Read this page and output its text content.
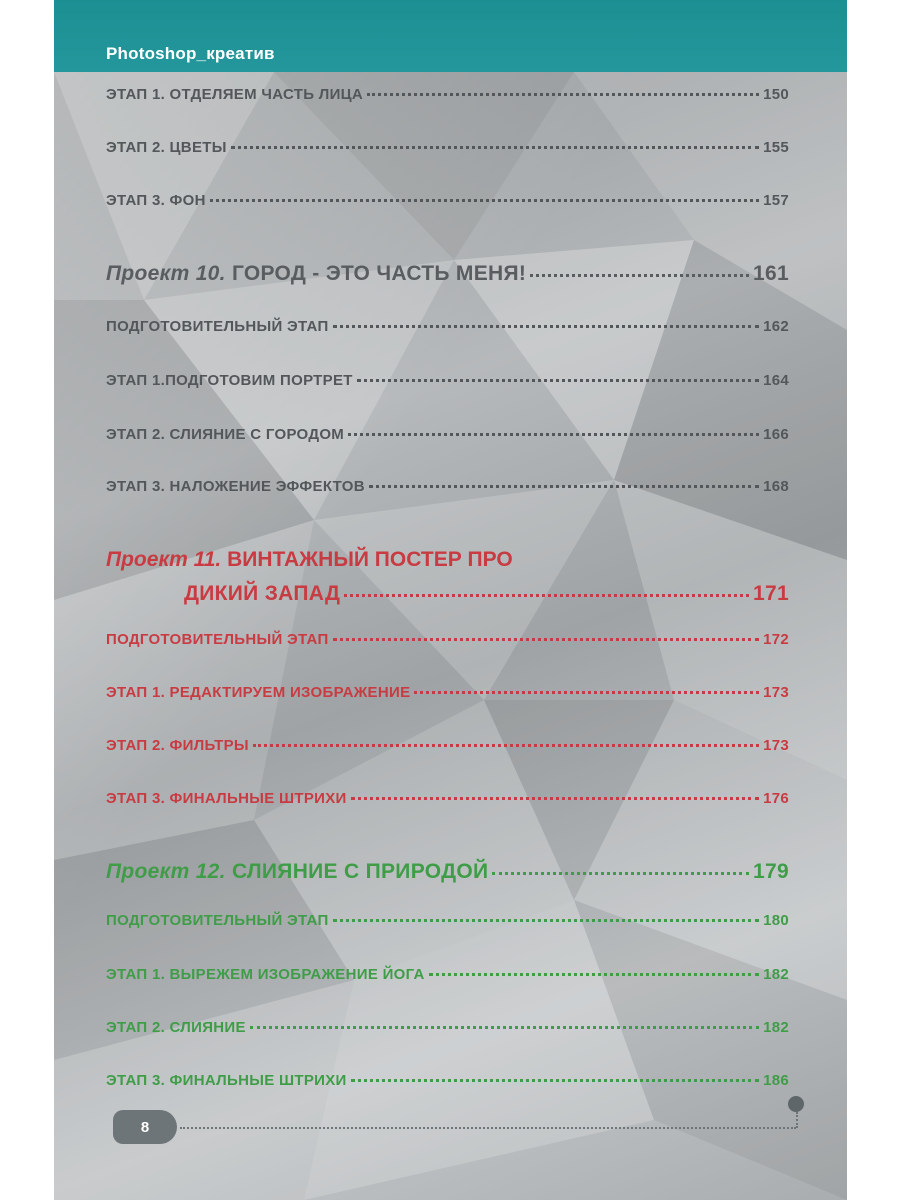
Photoshop_креатив
ЭТАП 1. ОТДЕЛЯЕМ ЧАСТЬ ЛИЦА	150
ЭТАП 2. ЦВЕТЫ	155
ЭТАП 3. ФОН	157
Проект 10. ГОРОД - ЭТО ЧАСТЬ МЕНЯ!	161
ПОДГОТОВИТЕЛЬНЫЙ ЭТАП	162
ЭТАП 1.ПОДГОТОВИМ ПОРТРЕТ	164
ЭТАП 2. СЛИЯНИЕ С ГОРОДОМ	166
ЭТАП 3. НАЛОЖЕНИЕ ЭФФЕКТОВ	168
Проект 11. ВИНТАЖНЫЙ ПОСТЕР ПРО
ДИКИЙ ЗАПАД	171
ПОДГОТОВИТЕЛЬНЫЙ ЭТАП	172
ЭТАП 1. РЕДАКТИРУЕМ ИЗОБРАЖЕНИЕ	173
ЭТАП 2. ФИЛЬТРЫ	173
ЭТАП 3. ФИНАЛЬНЫЕ ШТРИХИ	176
Проект 12. СЛИЯНИЕ С ПРИРОДОЙ	179
ПОДГОТОВИТЕЛЬНЫЙ ЭТАП	180
ЭТАП 1. ВЫРЕЖЕМ ИЗОБРАЖЕНИЕ ЙОГА	182
ЭТАП 2. СЛИЯНИЕ	182
ЭТАП 3. ФИНАЛЬНЫЕ ШТРИХИ	186
8
